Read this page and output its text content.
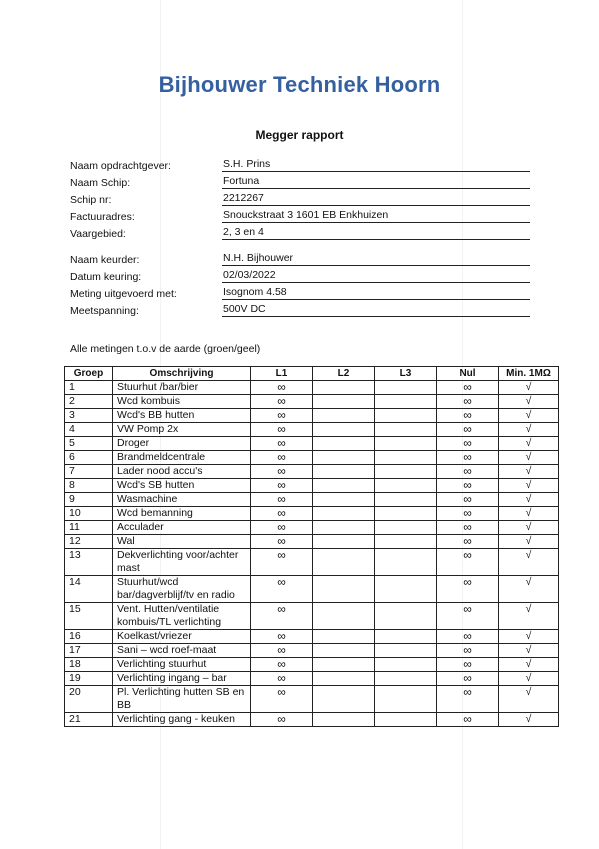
Bijhouwer Techniek Hoorn
Megger rapport
Naam opdrachtgever:	S.H. Prins
Naam Schip:	Fortuna
Schip nr:	2212267
Factuuradres:	Snouckstraat 3 1601 EB Enkhuizen
Vaargebied:	2, 3 en 4
Naam keurder:	N.H. Bijhouwer
Datum keuring:	02/03/2022
Meting uitgevoerd met:	Isognom 4.58
Meetspanning:	500V DC
Alle metingen t.o.v de aarde (groen/geel)
Groep	Omschrijving	L1	L2	L3	Nul	Min. 1MΩ
1	Stuurhut /bar/bier	∞			∞	√
2	Wcd kombuis	∞			∞	√
3	Wcd's BB hutten	∞			∞	√
4	VW Pomp 2x	∞			∞	√
5	Droger	∞			∞	√
6	Brandmeldcentrale	∞			∞	√
7	Lader nood accu's	∞			∞	√
8	Wcd's SB hutten	∞			∞	√
9	Wasmachine	∞			∞	√
10	Wcd bemanning	∞			∞	√
11	Acculader	∞			∞	√
12	Wal	∞			∞	√
13	Dekverlichting voor/achter
mast	∞			∞	√
14	Stuurhut/wcd
bar/dagverblijf/tv en radio	∞			∞	√
15	Vent. Hutten/ventilatie
kombuis/TL verlichting	∞			∞	√
16	Koelkast/vriezer	∞			∞	√
17	Sani – wcd roef-maat	∞			∞	√
18	Verlichting stuurhut	∞			∞	√
19	Verlichting ingang – bar	∞			∞	√
20	Pl. Verlichting hutten SB en
BB	∞			∞	√
21	Verlichting gang - keuken	∞			∞	√
